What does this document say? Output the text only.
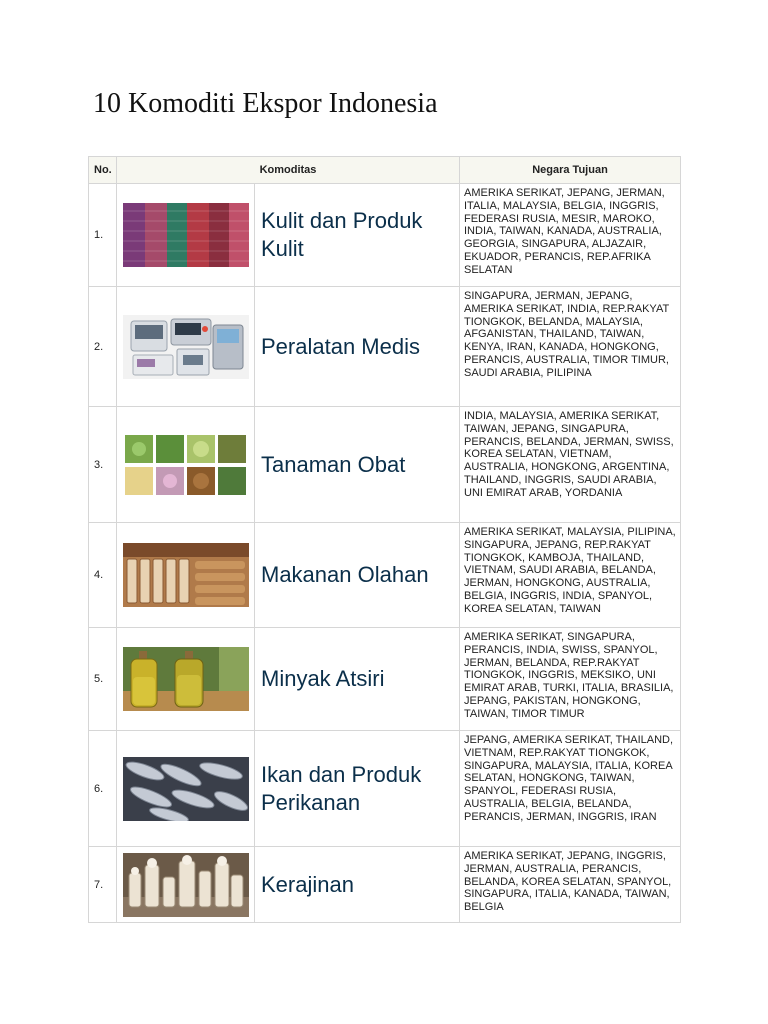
10 Komoditi Ekspor Indonesia
No.	Komoditas		Negara Tujuan
1.		Kulit dan Produk Kulit	AMERIKA SERIKAT, JEPANG, JERMAN, ITALIA, MALAYSIA, BELGIA, INGGRIS, FEDERASI RUSIA, MESIR, MAROKO, INDIA, TAIWAN, KANADA, AUSTRALIA, GEORGIA, SINGAPURA, ALJAZAIR, EKUADOR, PERANCIS, REP.AFRIKA SELATAN
2.		Peralatan Medis	SINGAPURA, JERMAN, JEPANG, AMERIKA SERIKAT, INDIA, REP.RAKYAT TIONGKOK, BELANDA, MALAYSIA, AFGANISTAN, THAILAND, TAIWAN, KENYA, IRAN, KANADA, HONGKONG, PERANCIS, AUSTRALIA, TIMOR TIMUR, SAUDI ARABIA, PILIPINA
3.		Tanaman Obat	INDIA, MALAYSIA, AMERIKA SERIKAT, TAIWAN, JEPANG, SINGAPURA, PERANCIS, BELANDA, JERMAN, SWISS, KOREA SELATAN, VIETNAM, AUSTRALIA, HONGKONG, ARGENTINA, THAILAND, INGGRIS, SAUDI ARABIA, UNI EMIRAT ARAB, YORDANIA
4.		Makanan Olahan	AMERIKA SERIKAT, MALAYSIA, PILIPINA, SINGAPURA, JEPANG, REP.RAKYAT TIONGKOK, KAMBOJA, THAILAND, VIETNAM, SAUDI ARABIA, BELANDA, JERMAN, HONGKONG, AUSTRALIA, BELGIA, INGGRIS, INDIA, SPANYOL, KOREA SELATAN, TAIWAN
5.		Minyak Atsiri	AMERIKA SERIKAT, SINGAPURA, PERANCIS, INDIA, SWISS, SPANYOL, JERMAN, BELANDA, REP.RAKYAT TIONGKOK, INGGRIS, MEKSIKO, UNI EMIRAT ARAB, TURKI, ITALIA, BRASILIA, JEPANG, PAKISTAN, HONGKONG, TAIWAN, TIMOR TIMUR
6.		Ikan dan Produk Perikanan	JEPANG, AMERIKA SERIKAT, THAILAND, VIETNAM, REP.RAKYAT TIONGKOK, SINGAPURA, MALAYSIA, ITALIA, KOREA SELATAN, HONGKONG, TAIWAN, SPANYOL, FEDERASI RUSIA, AUSTRALIA, BELGIA, BELANDA, PERANCIS, JERMAN, INGGRIS, IRAN
7.		Kerajinan	AMERIKA SERIKAT, JEPANG, INGGRIS, JERMAN, AUSTRALIA, PERANCIS, BELANDA, KOREA SELATAN, SPANYOL, SINGAPURA, ITALIA, KANADA, TAIWAN, BELGIA
